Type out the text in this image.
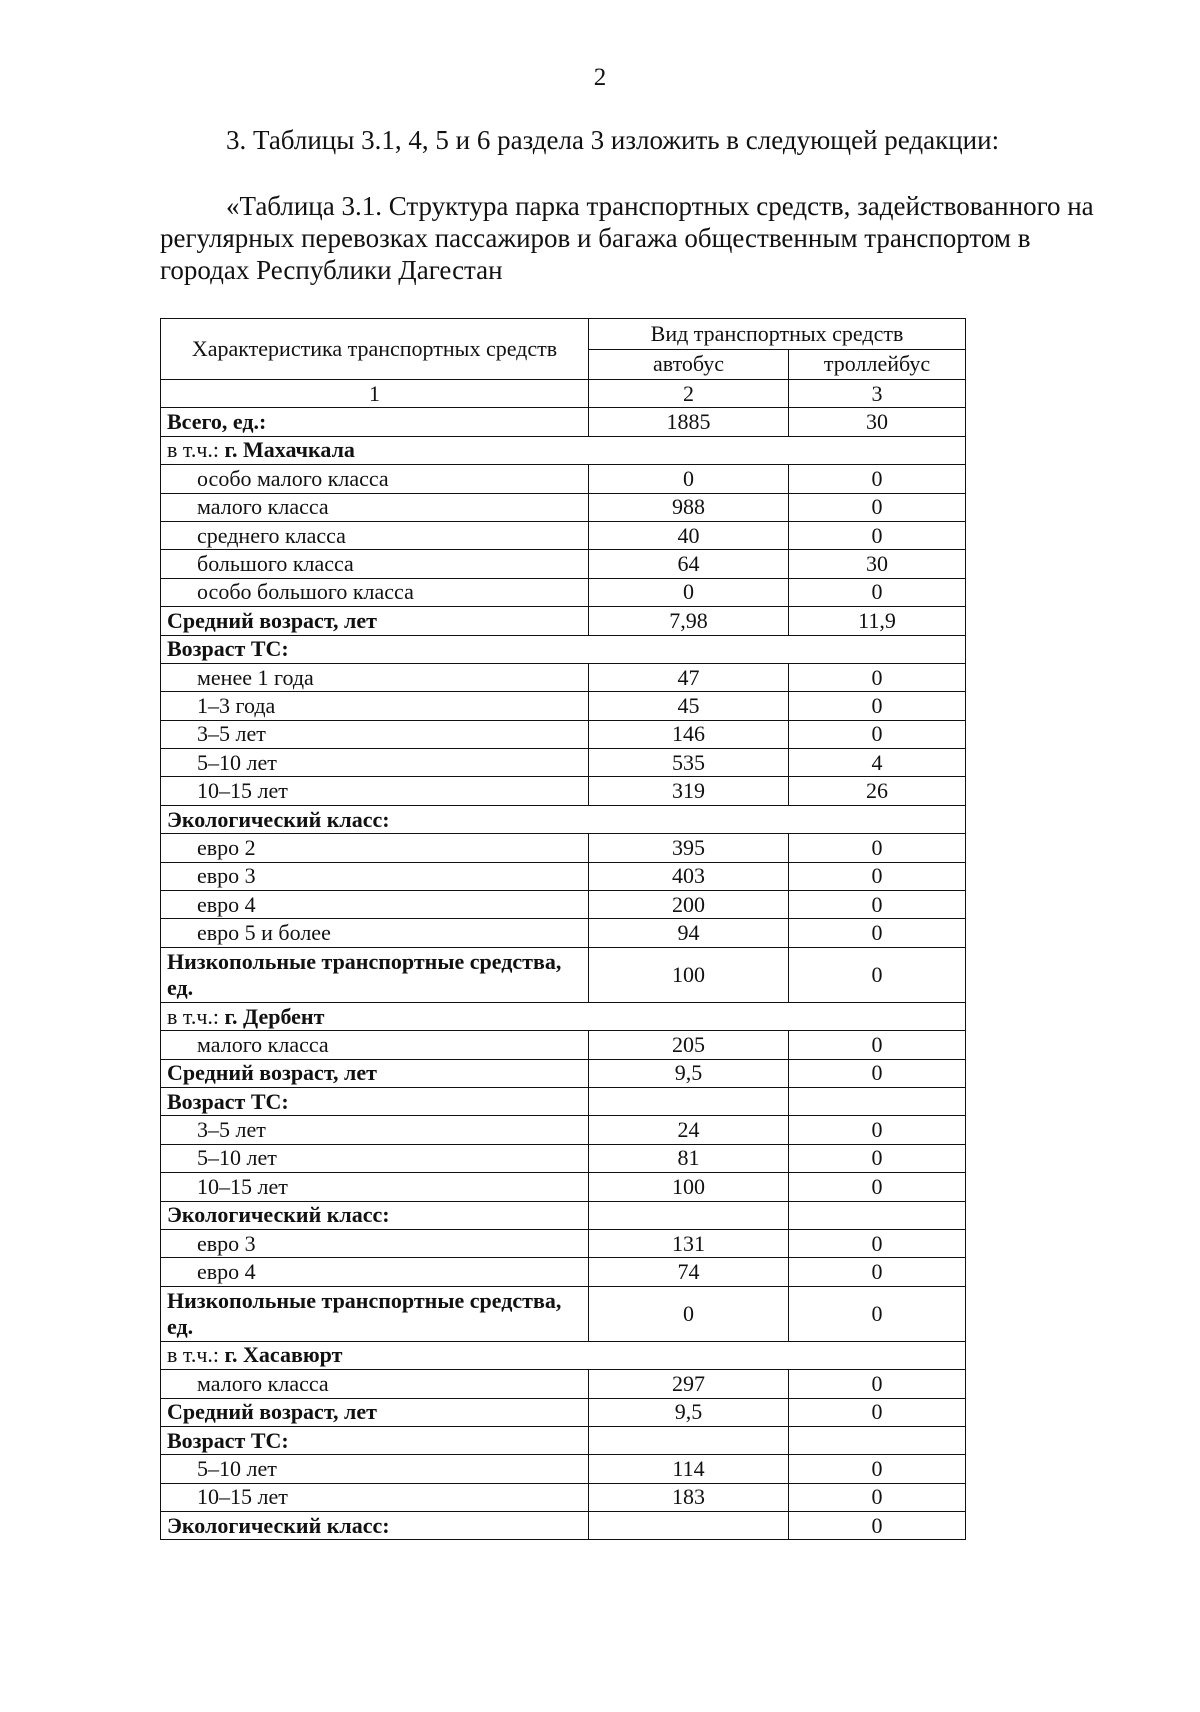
2
3. Таблицы 3.1, 4, 5 и 6 раздела 3 изложить в следующей редакции:
«Таблица 3.1. Структура парка транспортных средств, задействованного на регулярных перевозках пассажиров и багажа общественным транспортом в городах Республики Дагестан
Характеристика транспортных средств	Вид транспортных средств	
	автобус	троллейбус
1	2	3
Всего, ед.:	1885	30
в т.ч.: г. Махачкала		
особо малого класса	0	0
малого класса	988	0
среднего класса	40	0
большого класса	64	30
особо большого класса	0	0
Средний возраст, лет	7,98	11,9
Возраст ТС:		
менее 1 года	47	0
1–3 года	45	0
3–5 лет	146	0
5–10 лет	535	4
10–15 лет	319	26
Экологический класс:		
евро 2	395	0
евро 3	403	0
евро 4	200	0
евро 5 и более	94	0
Низкопольные транспортные средства, ед.	100	0
в т.ч.: г. Дербент		
малого класса	205	0
Средний возраст, лет	9,5	0
Возраст ТС:		
3–5 лет	24	0
5–10 лет	81	0
10–15 лет	100	0
Экологический класс:		
евро 3	131	0
евро 4	74	0
Низкопольные транспортные средства, ед.	0	0
в т.ч.: г. Хасавюрт		
малого класса	297	0
Средний возраст, лет	9,5	0
Возраст ТС:		
5–10 лет	114	0
10–15 лет	183	0
Экологический класс:		0
